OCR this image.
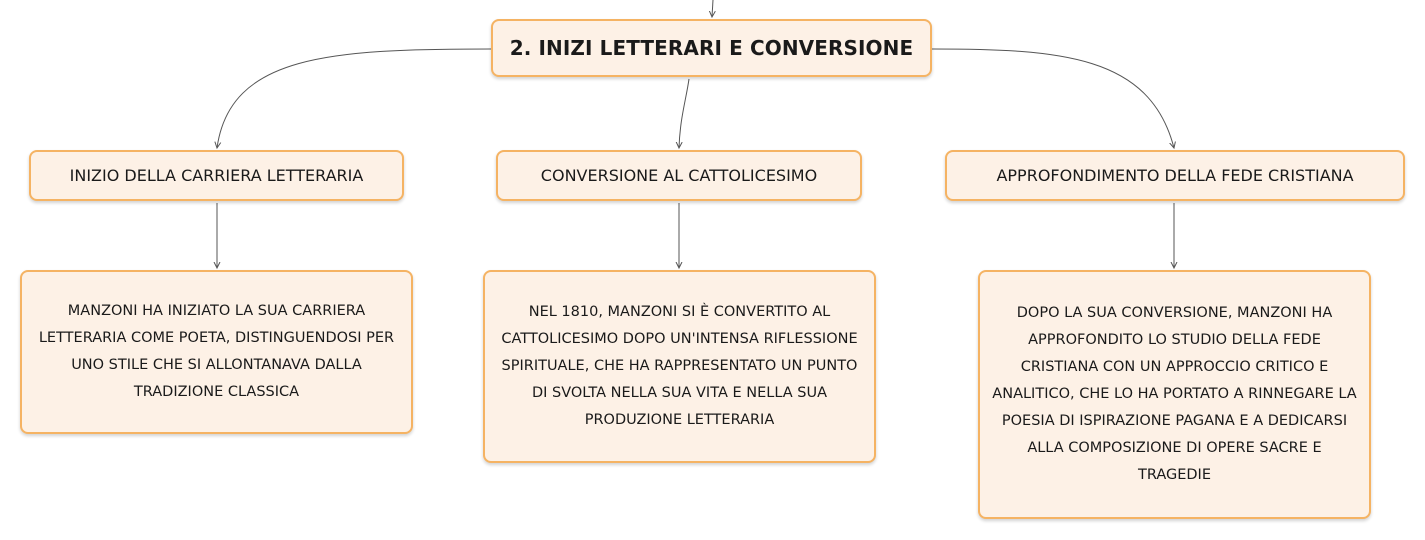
2. INIZI LETTERARI E CONVERSIONE
INIZIO DELLA CARRIERA LETTERARIA	CONVERSIONE AL CATTOLICESIMO	APPROFONDIMENTO DELLA FEDE CRISTIANA
MANZONI HA INIZIATO LA SUA CARRIERA LETTERARIA COME POETA, DISTINGUENDOSI PER UNO STILE CHE SI ALLONTANAVA DALLA TRADIZIONE CLASSICA
NEL 1810, MANZONI SI È CONVERTITO AL CATTOLICESIMO DOPO UN'INTENSA RIFLESSIONE SPIRITUALE, CHE HA RAPPRESENTATO UN PUNTO DI SVOLTA NELLA SUA VITA E NELLA SUA PRODUZIONE LETTERARIA
DOPO LA SUA CONVERSIONE, MANZONI HA APPROFONDITO LO STUDIO DELLA FEDE CRISTIANA CON UN APPROCCIO CRITICO E ANALITICO, CHE LO HA PORTATO A RINNEGARE LA POESIA DI ISPIRAZIONE PAGANA E A DEDICARSI ALLA COMPOSIZIONE DI OPERE SACRE E TRAGEDIE
